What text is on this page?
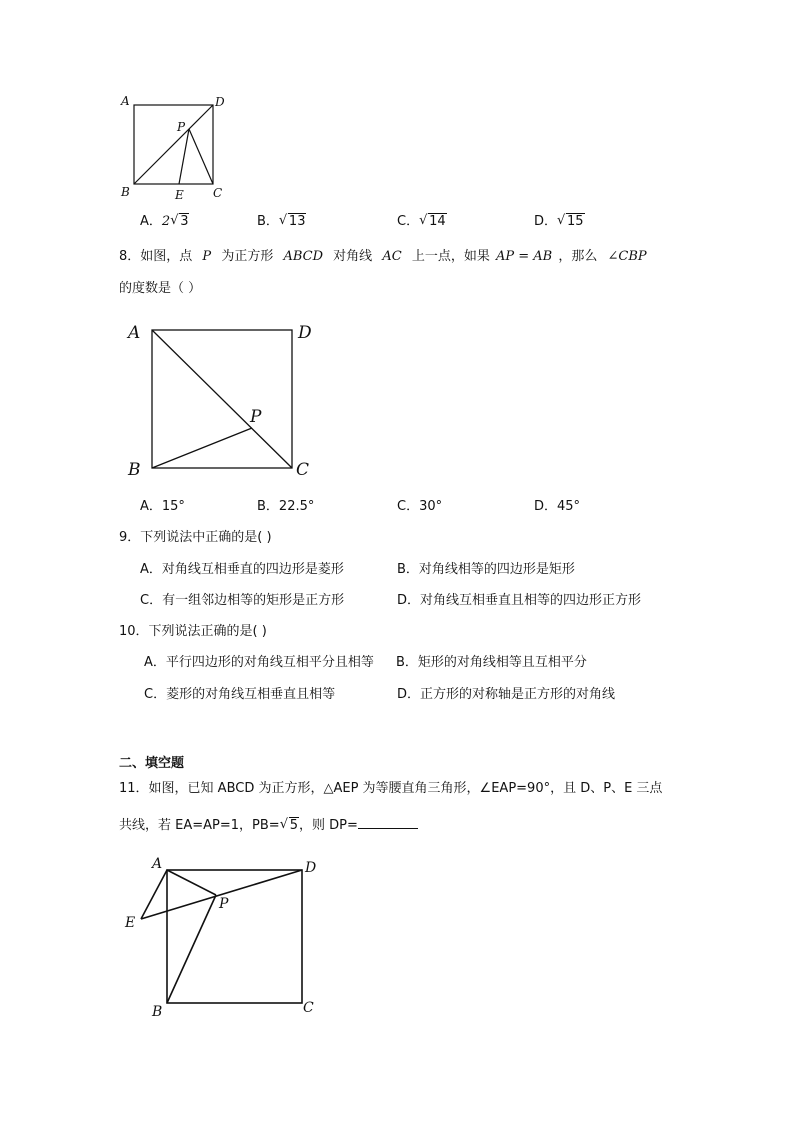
A	D
P
B	E C
A．2 √ 3	B． √ 13	C． √ 14	D． √ 15
8．如图，点 P 为正方形 ABCD 对角线 AC 上一点，如果 AP = AB ，那么 ∠CBP
的度数是（ ）
A	D
P
B	C
A．15°	B．22.5°	C．30°	D．45°
9．下列说法中正确的是( )
A．对角线互相垂直的四边形是菱形	B．对角线相等的四边形是矩形
C．有一组邻边相等的矩形是正方形	D．对角线互相垂直且相等的四边形正方形
10．下列说法正确的是( )
A．平行四边形的对角线互相平分且相等 B．矩形的对角线相等且互相平分
C．菱形的对角线互相垂直且相等	D．正方形的对称轴是正方形的对角线
二、填空题
11．如图，已知 ABCD 为正方形，△AEP 为等腰直角三角形，∠EAP=90°，且 D、P、E 三点
共线，若 EA=AP=1，PB= √ 5，则 DP=
A	D
P
E
B	C
